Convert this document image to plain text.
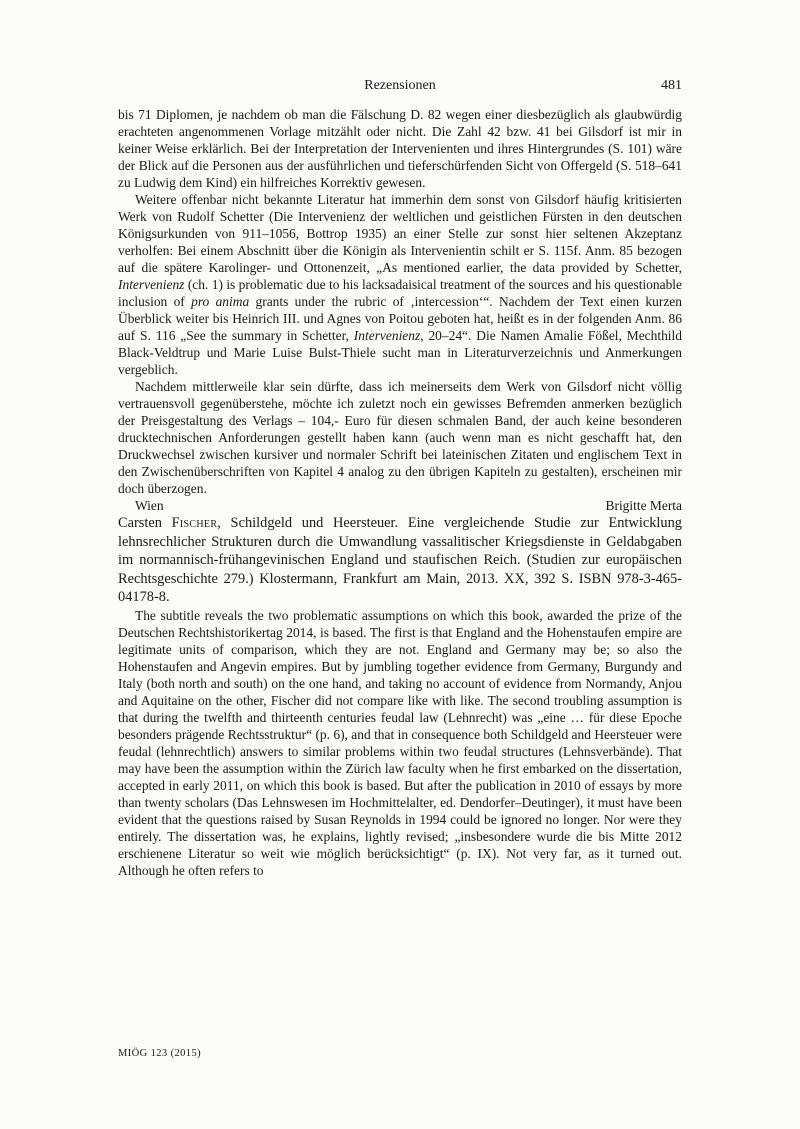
Rezensionen	481

bis 71 Diplomen, je nachdem ob man die Fälschung D. 82 wegen einer diesbezüglich als glaubwürdig erachteten angenommenen Vorlage mitzählt oder nicht. Die Zahl 42 bzw. 41 bei Gilsdorf ist mir in keiner Weise erklärlich. Bei der Interpretation der Intervenienten und ihres Hintergrundes (S. 101) wäre der Blick auf die Personen aus der ausführlichen und tieferschürfenden Sicht von Offergeld (S. 518–641 zu Ludwig dem Kind) ein hilfreiches Korrektiv gewesen.

Weitere offenbar nicht bekannte Literatur hat immerhin dem sonst von Gilsdorf häufig kritisierten Werk von Rudolf Schetter (Die Intervenienz der weltlichen und geistlichen Fürsten in den deutschen Königsurkunden von 911–1056, Bottrop 1935) an einer Stelle zur sonst hier seltenen Akzeptanz verholfen: Bei einem Abschnitt über die Königin als Intervenientin schilt er S. 115f. Anm. 85 bezogen auf die spätere Karolinger- und Ottonenzeit, „As mentioned earlier, the data provided by Schetter, Intervenienz (ch. 1) is problematic due to his lacksadaisical treatment of the sources and his questionable inclusion of pro anima grants under the rubric of ‚intercession‘“. Nachdem der Text einen kurzen Überblick weiter bis Heinrich III. und Agnes von Poitou geboten hat, heißt es in der folgenden Anm. 86 auf S. 116 „See the summary in Schetter, Intervenienz, 20–24“. Die Namen Amalie Fößel, Mechthild Black-Veldtrup und Marie Luise Bulst-Thiele sucht man in Literaturverzeichnis und Anmerkungen vergeblich.

Nachdem mittlerweile klar sein dürfte, dass ich meinerseits dem Werk von Gilsdorf nicht völlig vertrauensvoll gegenüberstehe, möchte ich zuletzt noch ein gewisses Befremden anmerken bezüglich der Preisgestaltung des Verlags – 104,- Euro für diesen schmalen Band, der auch keine besonderen drucktechnischen Anforderungen gestellt haben kann (auch wenn man es nicht geschafft hat, den Druckwechsel zwischen kursiver und normaler Schrift bei lateinischen Zitaten und englischem Text in den Zwischenüberschriften von Kapitel 4 analog zu den übrigen Kapiteln zu gestalten), erscheinen mir doch überzogen.

Wien	Brigitte Merta

Carsten Fischer, Schildgeld und Heersteuer. Eine vergleichende Studie zur Entwicklung lehnsrechlicher Strukturen durch die Umwandlung vassalitischer Kriegsdienste in Geldabgaben im normannisch-frühangevinischen England und staufischen Reich. (Studien zur europäischen Rechtsgeschichte 279.) Klostermann, Frankfurt am Main, 2013. XX, 392 S. ISBN 978-3-465-04178-8.

The subtitle reveals the two problematic assumptions on which this book, awarded the prize of the Deutschen Rechtshistorikertag 2014, is based. The first is that England and the Hohenstaufen empire are legitimate units of comparison, which they are not. England and Germany may be; so also the Hohenstaufen and Angevin empires. But by jumbling together evidence from Germany, Burgundy and Italy (both north and south) on the one hand, and taking no account of evidence from Normandy, Anjou and Aquitaine on the other, Fischer did not compare like with like. The second troubling assumption is that during the twelfth and thirteenth centuries feudal law (Lehnrecht) was „eine … für diese Epoche besonders prägende Rechtsstruktur“ (p. 6), and that in consequence both Schildgeld and Heersteuer were feudal (lehnrechtlich) answers to similar problems within two feudal structures (Lehnsverbände). That may have been the assumption within the Zürich law faculty when he first embarked on the dissertation, accepted in early 2011, on which this book is based. But after the publication in 2010 of essays by more than twenty scholars (Das Lehnswesen im Hochmittelalter, ed. Dendorfer–Deutinger), it must have been evident that the questions raised by Susan Reynolds in 1994 could be ignored no longer. Nor were they entirely. The dissertation was, he explains, lightly revised; „insbesondere wurde die bis Mitte 2012 erschienene Literatur so weit wie möglich berücksichtigt“ (p. IX). Not very far, as it turned out. Although he often refers to

MIÖG 123 (2015)
